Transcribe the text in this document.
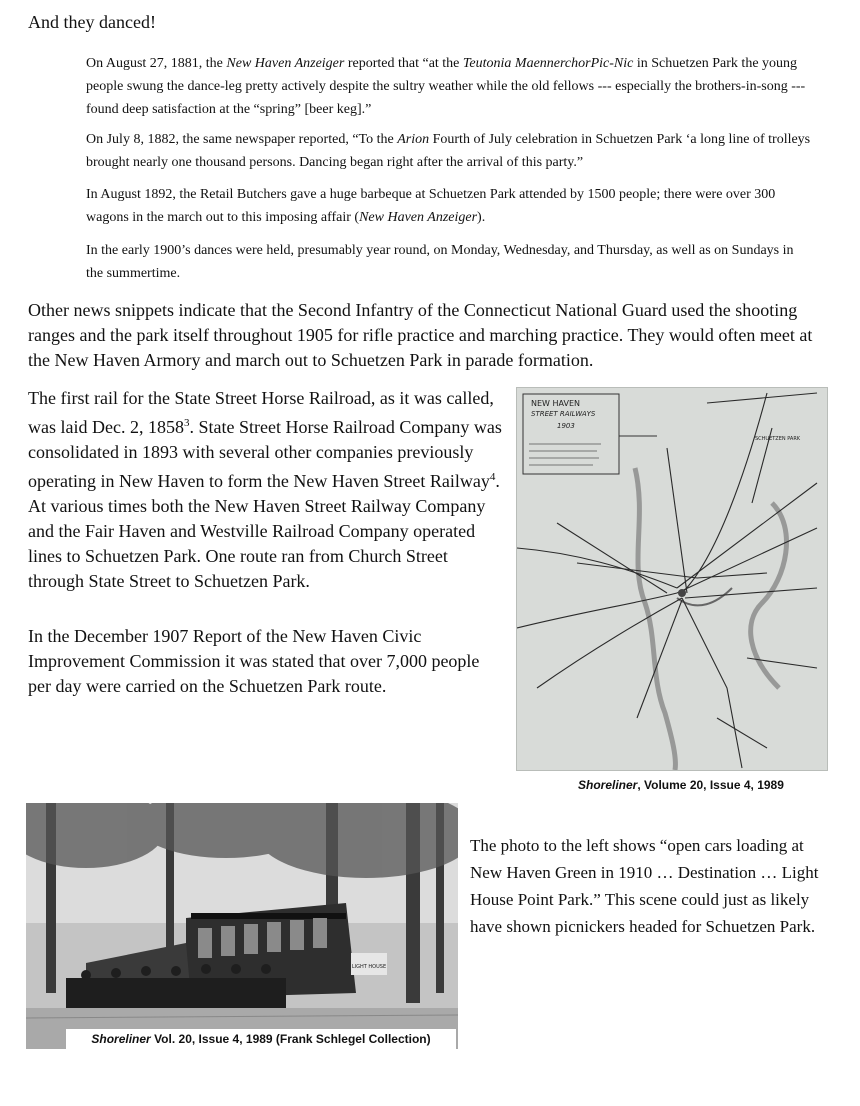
And they danced!
On August 27, 1881, the New Haven Anzeiger reported that “at the Teutonia MaennerchorPic-Nic in Schuetzen Park the young people swung the dance-leg pretty actively despite the sultry weather while the old fellows --- especially the brothers-in-song --- found deep satisfaction at the “spring” [beer keg].”
On July 8, 1882, the same newspaper reported, “To the Arion Fourth of July celebration in Schuetzen Park ‘a long line of trolleys brought nearly one thousand persons. Dancing began right after the arrival of this party.”
In August 1892, the Retail Butchers gave a huge barbeque at Schuetzen Park attended by 1500 people; there were over 300 wagons in the march out to this imposing affair (New Haven Anzeiger).
In the early 1900’s dances were held, presumably year round, on Monday, Wednesday, and Thursday, as well as on Sundays in the summertime.
Other news snippets indicate that the Second Infantry of the Connecticut National Guard used the shooting ranges and the park itself throughout 1905 for rifle practice and marching practice. They would often meet at the New Haven Armory and march out to Schuetzen Park in parade formation.
The first rail for the State Street Horse Railroad, as it was called, was laid Dec. 2, 1858$^3$. State Street Horse Railroad Company was consolidated in 1893 with several other companies previously operating in New Haven to form the New Haven Street Railway$^4$. At various times both the New Haven Street Railway Company and the Fair Haven and Westville Railroad Company operated lines to Schuetzen Park. One route ran from Church Street through State Street to Schuetzen Park.
In the December 1907 Report of the New Haven Civic Improvement Commission it was stated that over 7,000 people per day were carried on the Schuetzen Park route.
NEW HAVEN
STREET RAILWAYS
1903
SCHUETZEN PARK
Shoreliner, Volume 20, Issue 4, 1989
LIGHT HOUSE
Shoreliner Vol. 20, Issue 4, 1989 (Frank Schlegel Collection)
The photo to the left shows “open cars loading at New Haven Green in 1910 … Destination … Light House Point Park.” This scene could just as likely have shown picnickers headed for Schuetzen Park.
